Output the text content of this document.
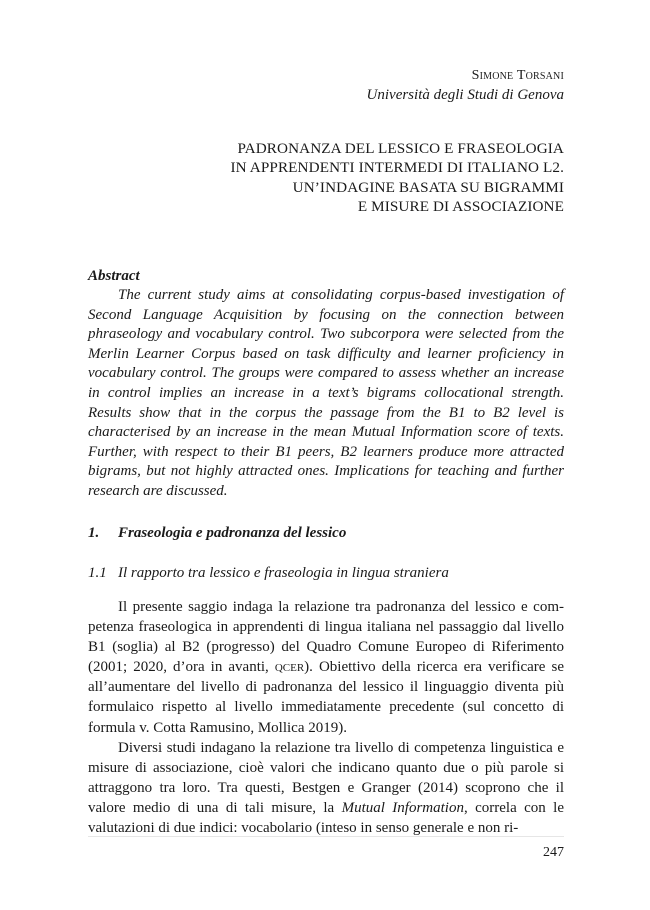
Simone Torsani
Università degli Studi di Genova
PADRONANZA DEL LESSICO E FRASEOLOGIA
IN APPRENDENTI INTERMEDI DI ITALIANO L2.
UN’INDAGINE BASATA SU BIGRAMMI
E MISURE DI ASSOCIAZIONE
Abstract
The current study aims at consolidating corpus-based investigation of Second Language Acquisition by focusing on the connection between phraseology and vocabulary control. Two subcorpora were selected from the Merlin Learner Corpus based on task difficulty and learner proficiency in vocabulary control. The groups were compared to assess whether an increase in control implies an increase in a text’s bigrams collocational strength. Results show that in the corpus the passage from the B1 to B2 level is characterised by an increase in the mean Mutual Information score of texts. Further, with respect to their B1 peers, B2 learners produce more attracted bigrams, but not highly attracted ones. Implications for teaching and further research are discussed.
1. Fraseologia e padronanza del lessico
1.1 Il rapporto tra lessico e fraseologia in lingua straniera

Il presente saggio indaga la relazione tra padronanza del lessico e competenza fraseologica in apprendenti di lingua italiana nel passaggio dal livello B1 (soglia) al B2 (progresso) del Quadro Comune Europeo di Riferimento (2001; 2020, d’ora in avanti, qcer). Obiettivo della ricerca era verificare se all’aumentare del livello di padronanza del lessico il linguaggio diventa più formulaico rispetto al livello immediatamente precedente (sul concetto di formula v. Cotta Ramusino, Mollica 2019).

Diversi studi indagano la relazione tra livello di competenza linguistica e misure di associazione, cioè valori che indicano quanto due o più parole si attraggono tra loro. Tra questi, Bestgen e Granger (2014) scoprono che il valore medio di una di tali misure, la Mutual Information, correla con le valutazioni di due indici: vocabolario (inteso in senso generale e non ri-

247
